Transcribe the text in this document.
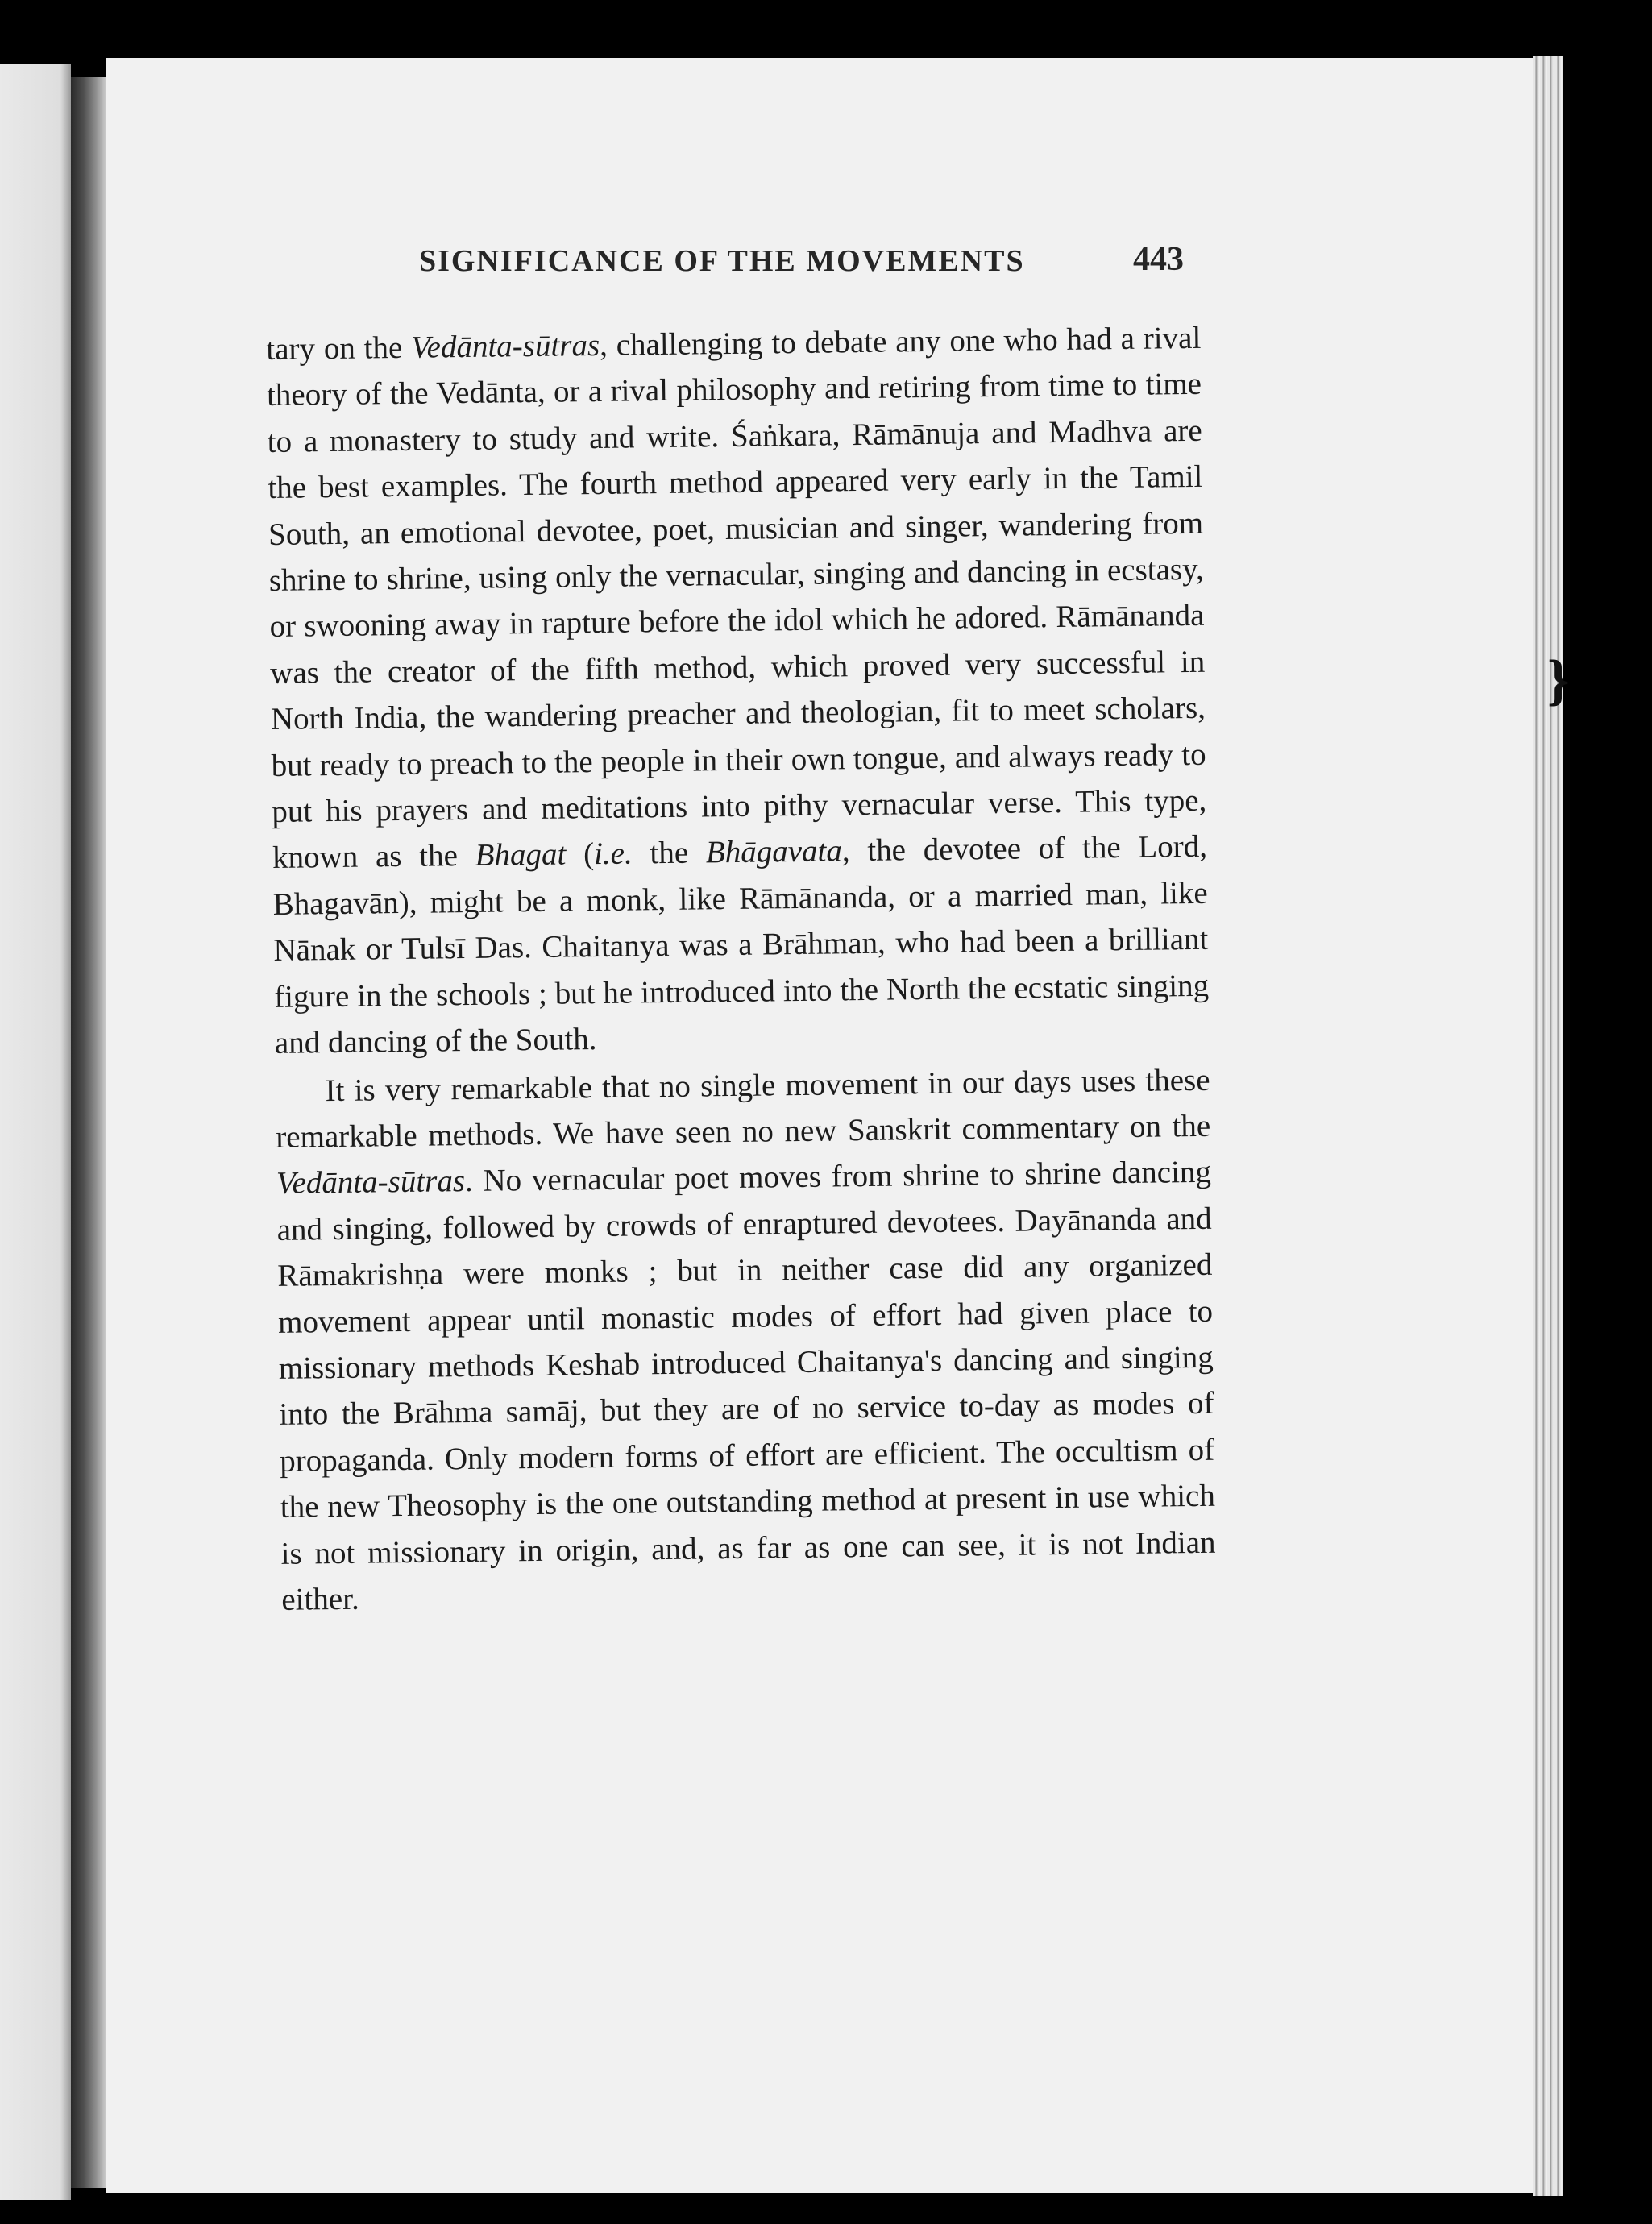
}
SIGNIFICANCE OF THE MOVEMENTS	443

tary on the Vedānta-sūtras, challenging to debate any one who had a rival theory of the Vedānta, or a rival philosophy and retiring from time to time to a monastery to study and write. Śaṅkara, Rāmānuja and Madhva are the best examples. The fourth method appeared very early in the Tamil South, an emotional devotee, poet, musician and singer, wandering from shrine to shrine, using only the vernacular, singing and dancing in ecstasy, or swooning away in rapture before the idol which he adored. Rāmānanda was the creator of the fifth method, which proved very successful in North India, the wandering preacher and theologian, fit to meet scholars, but ready to preach to the people in their own tongue, and always ready to put his prayers and meditations into pithy vernacular verse. This type, known as the Bhagat (i.e. the Bhāgavata, the devotee of the Lord, Bhagavān), might be a monk, like Rāmānanda, or a married man, like Nānak or Tulsī Das. Chaitanya was a Brāhman, who had been a brilliant figure in the schools ; but he introduced into the North the ecstatic singing and dancing of the South.

It is very remarkable that no single movement in our days uses these remarkable methods. We have seen no new Sanskrit commentary on the Vedānta-sūtras. No vernacular poet moves from shrine to shrine dancing and singing, followed by crowds of enraptured devotees. Dayānanda and Rāmakrishṇa were monks ; but in neither case did any organized movement appear until monastic modes of effort had given place to missionary methods Keshab introduced Chaitanya's dancing and singing into the Brāhma samāj, but they are of no service to-day as modes of propaganda. Only modern forms of effort are efficient. The occultism of the new Theosophy is the one outstanding method at present in use which is not missionary in origin, and, as far as one can see, it is not Indian either.
